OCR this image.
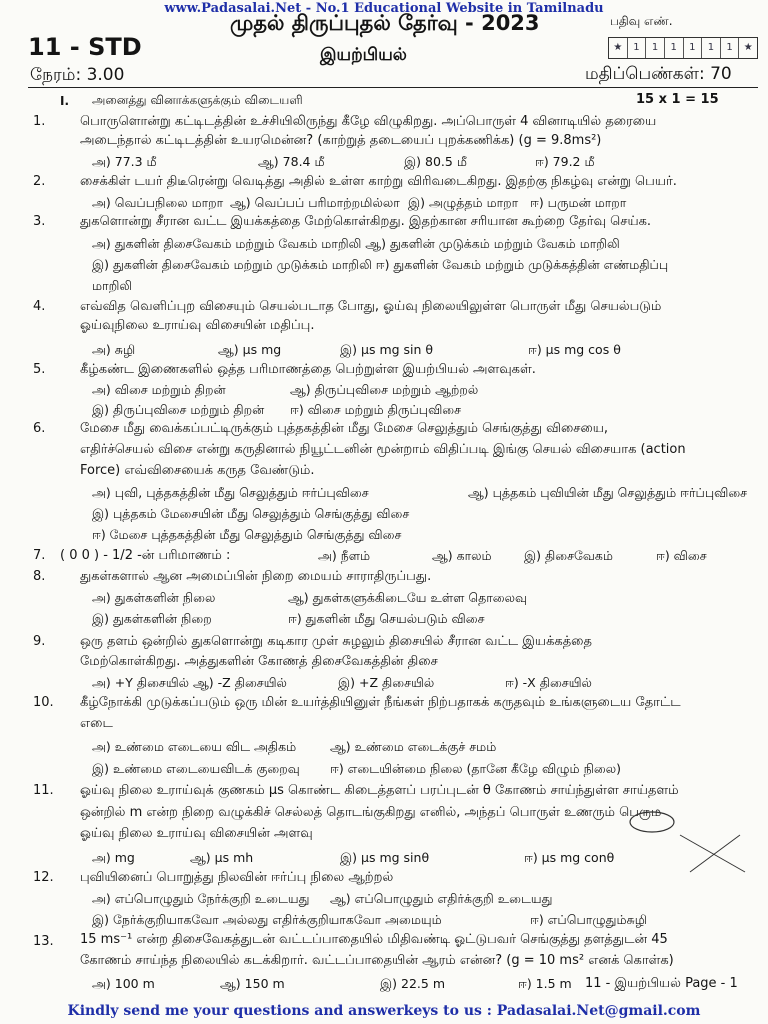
www.Padasalai.Net - No.1 Educational Website in Tamilnadu
முதல் திருப்புதல் தேர்வு - 2023	பதிவு எண்.
★	1	1	1	1	1	1	★
11 - STD	இயற்பியல்
நேரம்: 3.00	மதிப்பெண்கள்: 70
I. அனைத்து வினாக்களுக்கும் விடையளி	15 x 1 = 15
1.	பொருளொன்று கட்டிடத்தின் உச்சியிலிருந்து கீழே விழுகிறது. அப்பொருள் 4 வினாடியில் தரையை
அடைந்தால் கட்டிடத்தின் உயரமென்ன? (காற்றுத் தடையைப் புறக்கணிக்க) (g = 9.8ms²)
அ) 77.3 மீ	ஆ) 78.4 மீ	இ) 80.5 மீ	ஈ) 79.2 மீ
2.	சைக்கிள் டயர் திடீரென்று வெடித்து அதில் உள்ள காற்று விரிவடைகிறது. இதற்கு நிகழ்வு என்று பெயர்.
அ) வெப்பநிலை மாறா ஆ) வெப்பப் பரிமாற்றமில்லா இ) அழுத்தம் மாறா ஈ) பருமன் மாறா
3.	துகளொன்று சீரான வட்ட இயக்கத்தை மேற்கொள்கிறது. இதற்கான சரியான கூற்றை தேர்வு செய்க.
அ) துகளின் திசைவேகம் மற்றும் வேகம் மாறிலி ஆ) துகளின் முடுக்கம் மற்றும் வேகம் மாறிலி
இ) துகளின் திசைவேகம் மற்றும் முடுக்கம் மாறிலி ஈ) துகளின் வேகம் மற்றும் முடுக்கத்தின் எண்மதிப்பு
மாறிலி
4.	எவ்வித வெளிப்புற விசையும் செயல்படாத போது, ஓய்வு நிலையிலுள்ள பொருள் மீது செயல்படும்
ஓய்வுநிலை உராய்வு விசையின் மதிப்பு.
அ) சுழி	ஆ) μs mg	இ) μs mg sin θ	ஈ) μs mg cos θ
5.	கீழ்கண்ட இணைகளில் ஒத்த பரிமாணத்தை பெற்றுள்ள இயற்பியல் அளவுகள்.
அ) விசை மற்றும் திறன்	ஆ) திருப்புவிசை மற்றும் ஆற்றல்
இ) திருப்புவிசை மற்றும் திறன் ஈ) விசை மற்றும் திருப்புவிசை
6.	மேசை மீது வைக்கப்பட்டிருக்கும் புத்தகத்தின் மீது மேசை செலுத்தும் செங்குத்து விசையை,
எதிர்ச்செயல் விசை என்று கருதினால் நியூட்டனின் மூன்றாம் விதிப்படி இங்கு செயல் விசையாக (action
Force) எவ்விசையைக் கருத வேண்டும்.
அ) புவி, புத்தகத்தின் மீது செலுத்தும் ஈர்ப்புவிசை	ஆ) புத்தகம் புவியின் மீது செலுத்தும் ஈர்ப்புவிசை
இ) புத்தகம் மேசையின் மீது செலுத்தும் செங்குத்து விசை
ஈ) மேசை புத்தகத்தின் மீது செலுத்தும் செங்குத்து விசை
7. ( 0 0 ) - 1/2 -ன் பரிமாணம் :	அ) நீளம்	ஆ) காலம்	இ) திசைவேகம்	ஈ) விசை
8.	துகள்களால் ஆன அமைப்பின் நிறை மையம் சாராதிருப்பது.
அ) துகள்களின் நிலை	ஆ) துகள்களுக்கிடையே உள்ள தொலைவு
இ) துகள்களின் நிறை	ஈ) துகளின் மீது செயல்படும் விசை
9.	ஒரு தளம் ஒன்றில் துகளொன்று கடிகார முள் சுழலும் திசையில் சீரான வட்ட இயக்கத்தை
மேற்கொள்கிறது. அத்துகளின் கோணத் திசைவேகத்தின் திசை
அ) +Y திசையில் ஆ) -Z திசையில்	இ) +Z திசையில்	ஈ) -X திசையில்
10. கீழ்நோக்கி முடுக்கப்படும் ஒரு மின் உயர்த்தியினுள் நீங்கள் நிற்பதாகக் கருதவும் உங்களுடைய தோட்ட
எடை
அ) உண்மை எடையை விட அதிகம்	ஆ) உண்மை எடைக்குச் சமம்
இ) உண்மை எடையைவிடக் குறைவு ஈ) எடையின்மை நிலை (தானே கீழே விழும் நிலை)
11. ஓய்வு நிலை உராய்வுக் குணகம் μs கொண்ட கிடைத்தளப் பரப்புடன் θ கோணம் சாய்ந்துள்ள சாய்தளம்
ஒன்றில் m என்ற நிறை வழுக்கிச் செல்லத் தொடங்குகிறது எனில், அந்தப் பொருள் உணரும் பெரும
ஓய்வு நிலை உராய்வு விசையின் அளவு
அ) mg	ஆ) μs mh	இ) μs mg sinθ	ஈ) μs mg conθ
12. புவியினைப் பொறுத்து நிலவின் ஈர்ப்பு நிலை ஆற்றல்
அ) எப்பொழுதும் நேர்க்குறி உடையது ஆ) எப்பொழுதும் எதிர்க்குறி உடையது
இ) நேர்க்குறியாகவோ அல்லது எதிர்க்குறியாகவோ அமையும்	ஈ) எப்பொழுதும்சுழி
13. 15 ms⁻¹ என்ற திசைவேகத்துடன் வட்டப்பாதையில் மிதிவண்டி ஓட்டுபவர் செங்குத்து தளத்துடன் 45
கோணம் சாய்ந்த நிலையில் கடக்கிறார். வட்டப்பாதையின் ஆரம் என்ன? (g = 10 ms² எனக் கொள்க)
அ) 100 m	ஆ) 150 m	இ) 22.5 m	ஈ) 1.5 m 11 - இயற்பியல் Page - 1
Kindly send me your questions and answerkeys to us : Padasalai.Net@gmail.com
